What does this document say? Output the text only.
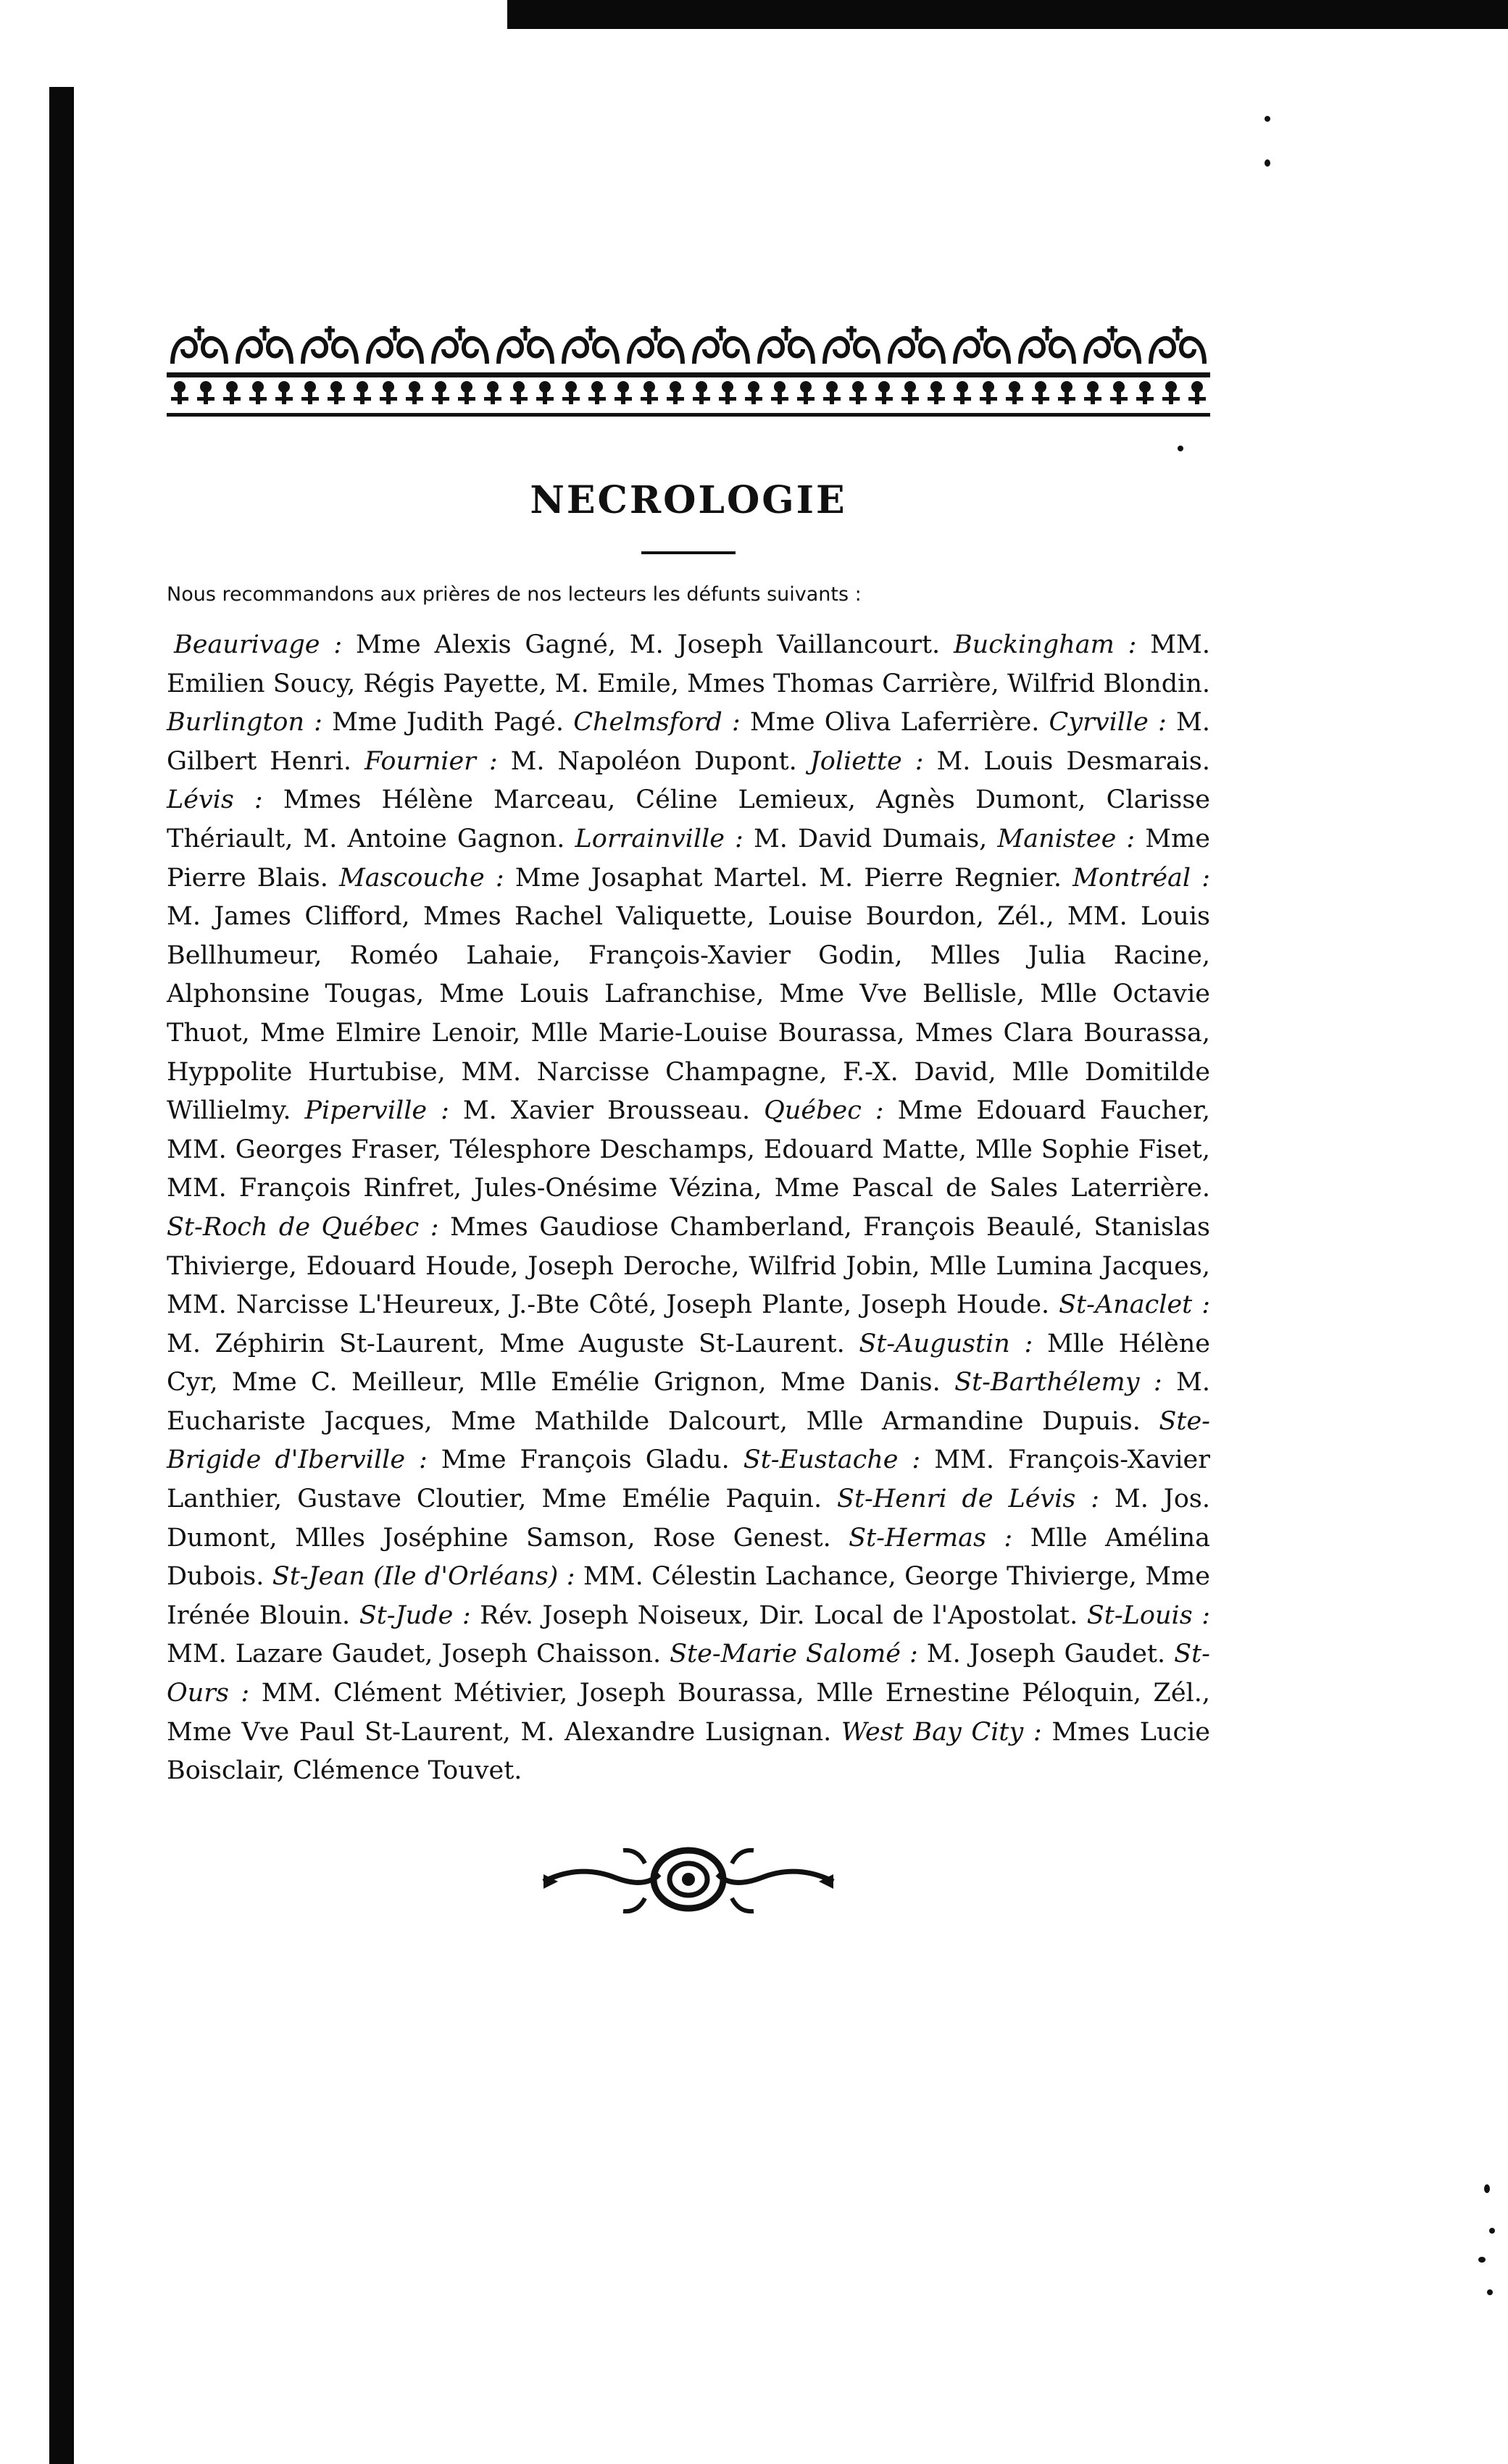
NECROLOGIE
Nous recommandons aux prières de nos lecteurs les défunts suivants :

Beaurivage : Mme Alexis Gagné, M. Joseph Vaillancourt. Buckingham : MM. Emilien Soucy, Régis Payette, M. Emile, Mmes Thomas Carrière, Wilfrid Blondin. Burlington : Mme Judith Pagé. Chelmsford : Mme Oliva Laferrière. Cyrville : M. Gilbert Henri. Fournier : M. Napoléon Dupont. Joliette : M. Louis Desmarais. Lévis : Mmes Hélène Marceau, Céline Lemieux, Agnès Dumont, Clarisse Thériault, M. Antoine Gagnon. Lorrainville : M. David Dumais, Manistee : Mme Pierre Blais. Mascouche : Mme Josaphat Martel. M. Pierre Regnier. Montréal : M. James Clifford, Mmes Rachel Valiquette, Louise Bourdon, Zél., MM. Louis Bellhumeur, Roméo Lahaie, François-Xavier Godin, Mlles Julia Racine, Alphonsine Tougas, Mme Louis Lafranchise, Mme Vve Bellisle, Mlle Octavie Thuot, Mme Elmire Lenoir, Mlle Marie-Louise Bourassa, Mmes Clara Bourassa, Hyppolite Hurtubise, MM. Narcisse Champagne, F.-X. David, Mlle Domitilde Willielmy. Piperville : M. Xavier Brousseau. Québec : Mme Edouard Faucher, MM. Georges Fraser, Télesphore Deschamps, Edouard Matte, Mlle Sophie Fiset, MM. François Rinfret, Jules-Onésime Vézina, Mme Pascal de Sales Laterrière. St-Roch de Québec : Mmes Gaudiose Chamberland, François Beaulé, Stanislas Thivierge, Edouard Houde, Joseph Deroche, Wilfrid Jobin, Mlle Lumina Jacques, MM. Narcisse L'Heureux, J.-Bte Côté, Joseph Plante, Joseph Houde. St-Anaclet : M. Zéphirin St-Laurent, Mme Auguste St-Laurent. St-Augustin : Mlle Hélène Cyr, Mme C. Meilleur, Mlle Emélie Grignon, Mme Danis. St-Barthélemy : M. Eucharistе Jacques, Mme Mathilde Dalcourt, Mlle Armandine Dupuis. Ste-Brigide d'Iberville : Mme François Gladu. St-Eustache : MM. François-Xavier Lanthier, Gustave Cloutier, Mme Emélie Paquin. St-Henri de Lévis : M. Jos. Dumont, Mlles Joséphine Samson, Rose Genest. St-Hermas : Mlle Amélina Dubois. St-Jean (Ile d'Orléans) : MM. Célestin Lachance, George Thivierge, Mme Irénée Blouin. St-Jude : Rév. Joseph Noiseux, Dir. Local de l'Apostolat. St-Louis : MM. Lazare Gaudet, Joseph Chaisson. Ste-Marie Salomé : M. Joseph Gaudet. St-Ours : MM. Clément Métivier, Joseph Bourassa, Mlle Ernestine Péloquin, Zél., Mme Vve Paul St-Laurent, M. Alexandre Lusignan. West Bay City : Mmes Lucie Boisclair, Clémence Touvet.
